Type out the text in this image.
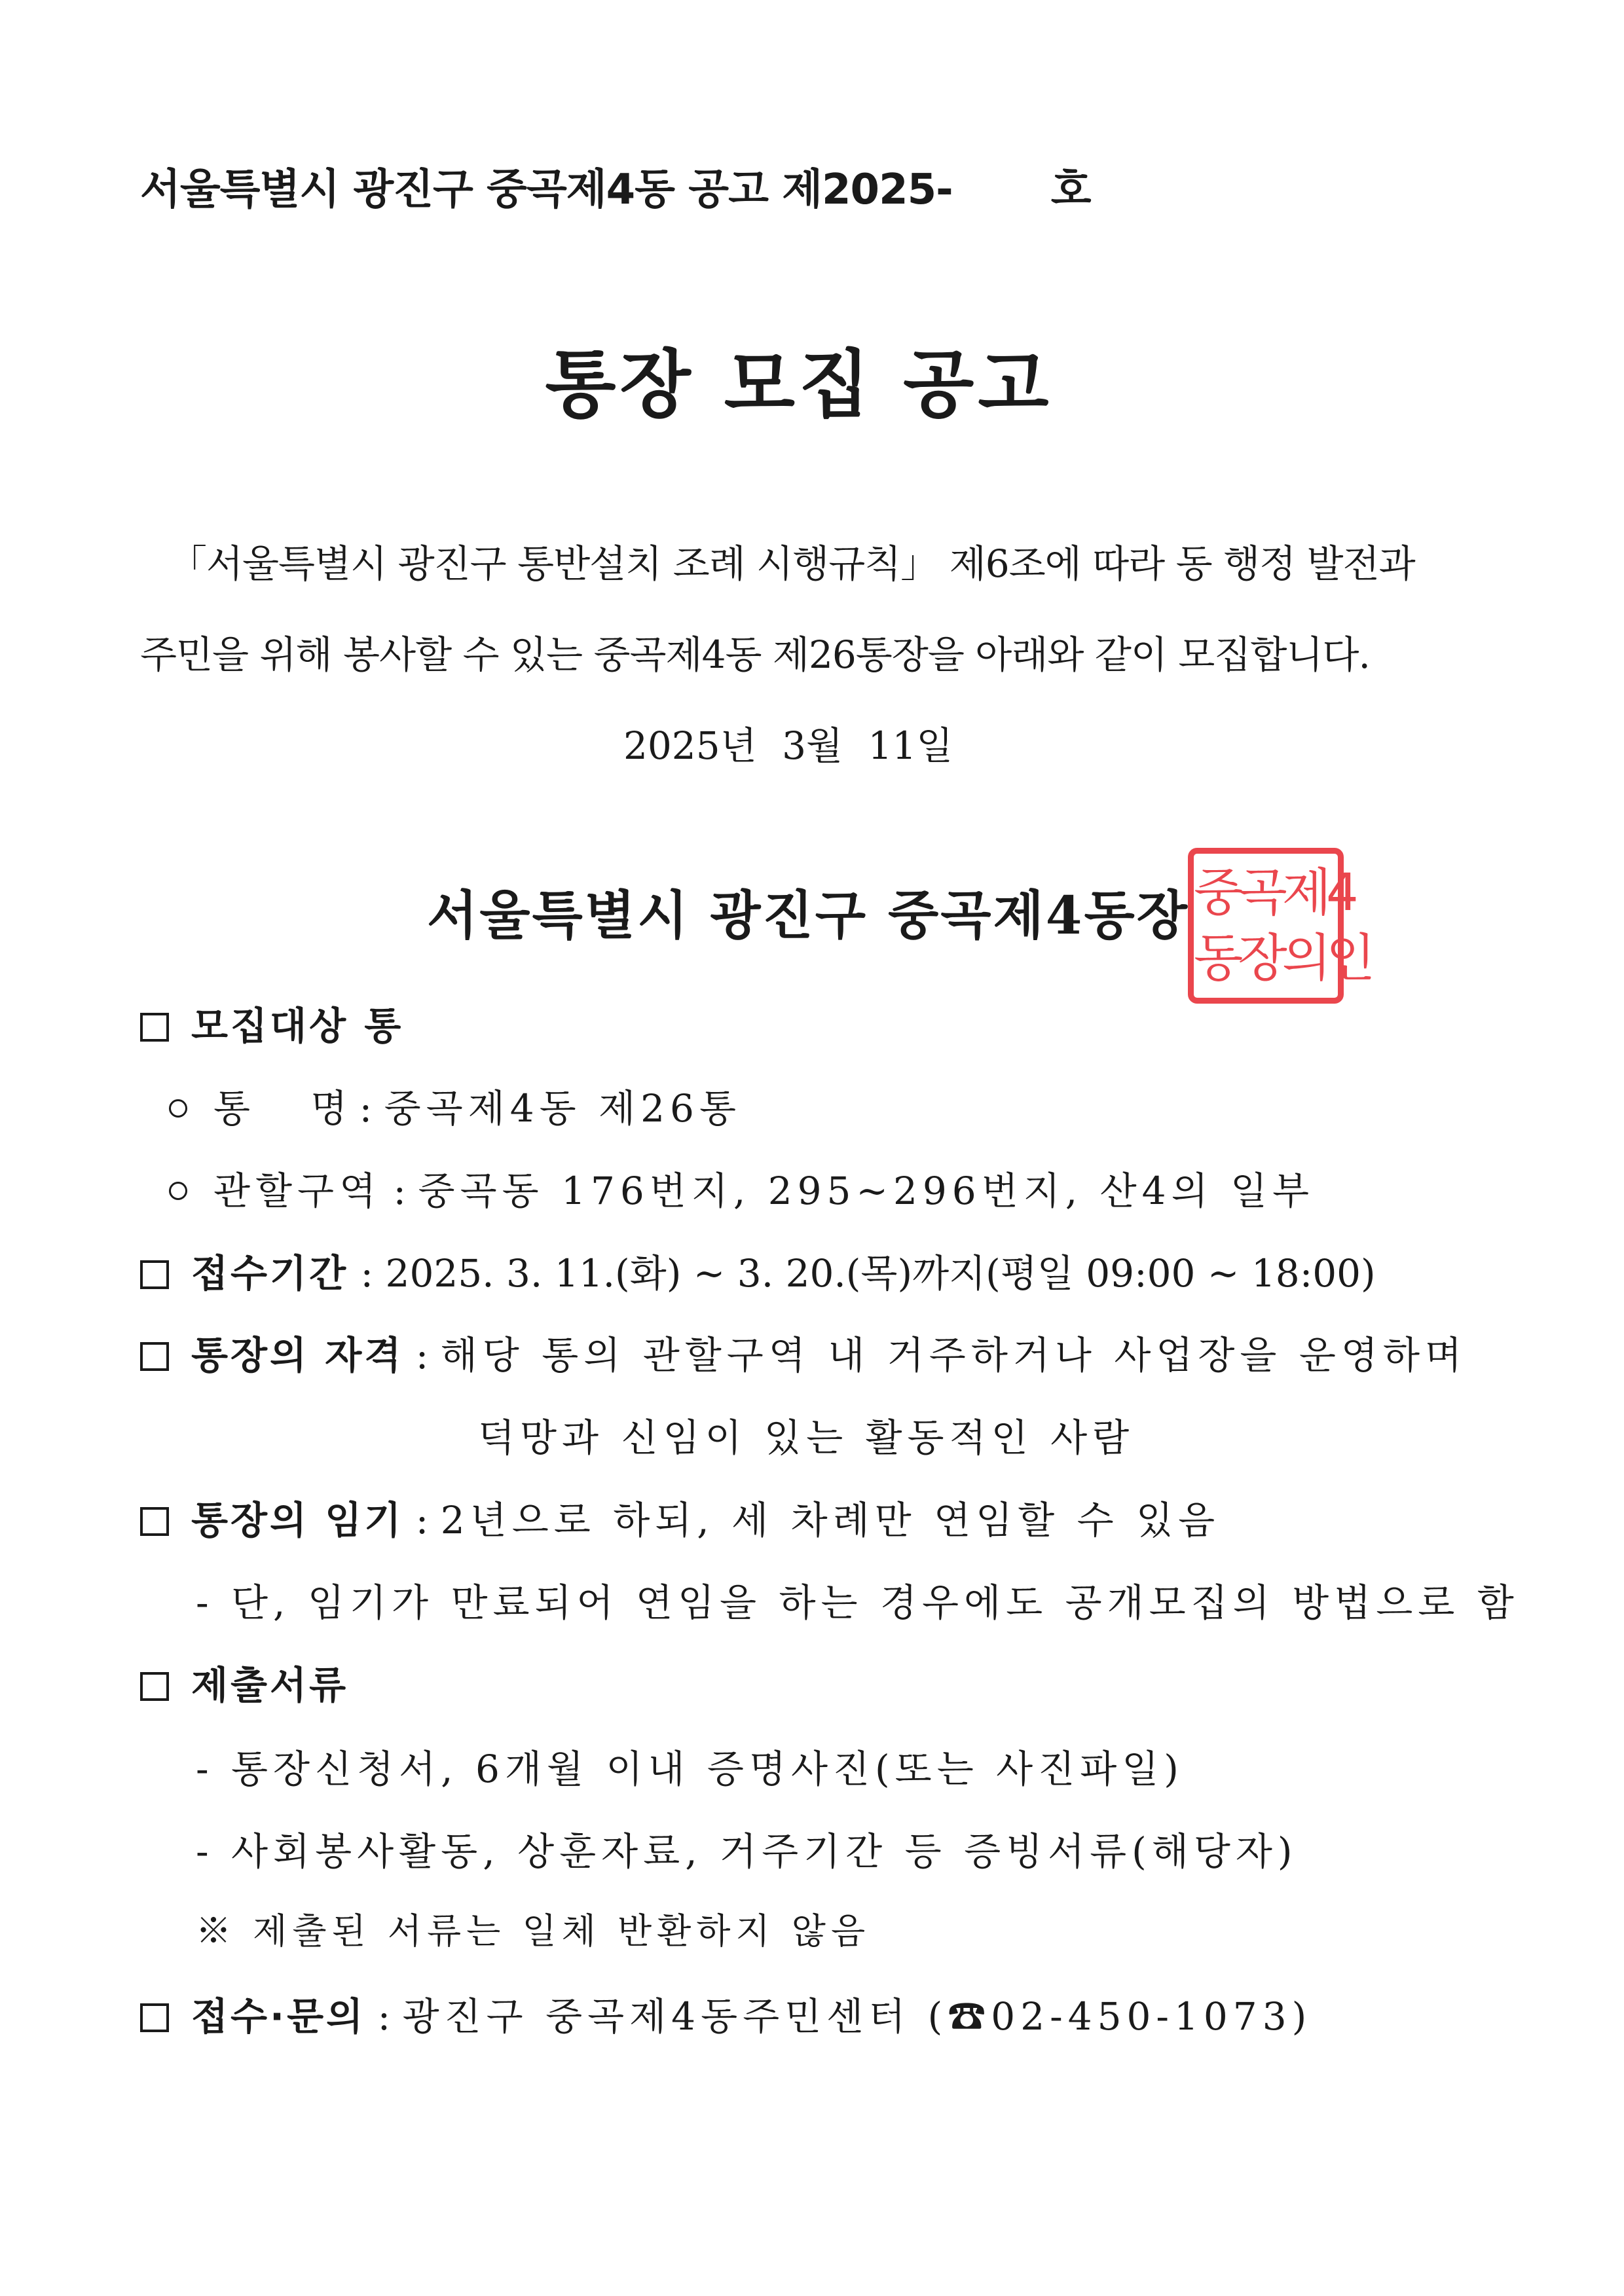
서울특별시 광진구 중곡제4동 공고 제2025- 호
통장 모집 공고
「서울특별시 광진구 통반설치 조례 시행규칙」 제6조에 따라 동 행정 발전과
주민을 위해 봉사할 수 있는 중곡제4동 제26통장을 아래와 같이 모집합니다.
2025년 3월 11일
서울특별시 광진구 중곡제4동장 중곡제4
동장의인
모집대상 통
통     명 : 중곡제4동 제26통
관할구역 : 중곡동 176번지, 295~296번지, 산4의 일부
접수기간 : 2025. 3. 11.(화) ~ 3. 20.(목)까지(평일 09:00 ~ 18:00)
통장의 자격 : 해당 통의 관할구역 내 거주하거나 사업장을 운영하며
덕망과 신임이 있는 활동적인 사람
통장의 임기 : 2년으로 하되, 세 차례만 연임할 수 있음
- 단, 임기가 만료되어 연임을 하는 경우에도 공개모집의 방법으로 함
제출서류
- 통장신청서, 6개월 이내 증명사진(또는 사진파일)
- 사회봉사활동, 상훈자료, 거주기간 등 증빙서류(해당자)
※ 제출된 서류는 일체 반환하지 않음
접수·문의 : 광진구 중곡제4동주민센터 (☎02-450-1073)
